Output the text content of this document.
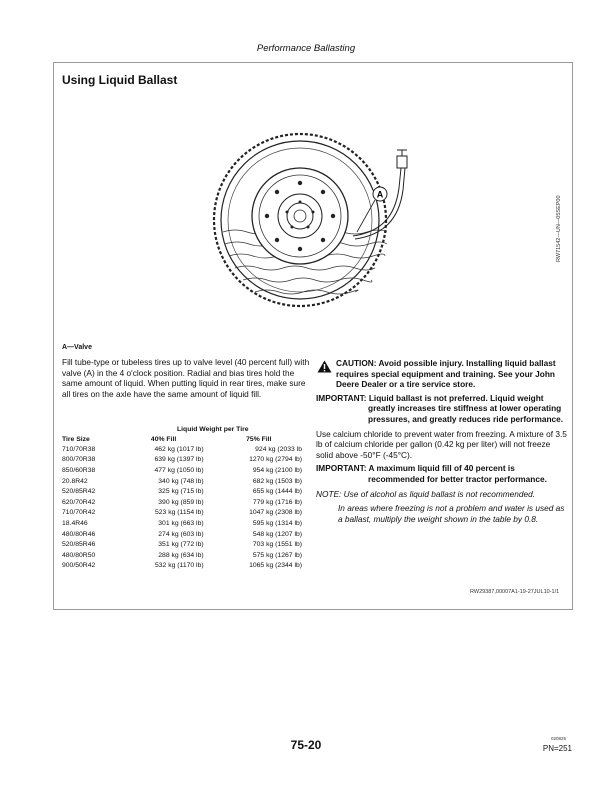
Performance Ballasting
Using Liquid Ballast
A
RW71542—UN—05SEP00
A—Valve
Fill tube-type or tubeless tires up to valve level (40 percent full) with valve (A) in the 4 o'clock position. Radial and bias tires hold the same amount of liquid. When putting liquid in rear tires, make sure all tires on the axle have the same amount of liquid fill.
	Liquid Weight per Tire	
Tire Size	40% Fill	75% Fill
710/70R38	462 kg (1017 lb)	924 kg (2033 lb
800/70R38	639 kg (1397 lb)	1270 kg (2794 lb)
850/60R38	477 kg (1050 lb)	954 kg (2100 lb)
20.8R42	340 kg (748 lb)	682 kg (1503 lb)
520/85R42	325 kg (715 lb)	655 kg (1444 lb)
620/70R42	390 kg (859 lb)	779 kg (1716 lb)
710/70R42	523 kg (1154 lb)	1047 kg (2308 lb)
18.4R46	301 kg (663 lb)	595 kg (1314 lb)
480/80R46	274 kg (603 lb)	548 kg (1207 lb)
520/85R46	351 kg (772 lb)	703 kg (1551 lb)
480/80R50	288 kg (634 lb)	575 kg (1267 lb)
900/50R42	532 kg (1170 lb)	1065 kg (2344 lb)
CAUTION: Avoid possible injury. Installing liquid ballast requires special equipment and training. See your John Deere Dealer or a tire service store.
IMPORTANT: Liquid ballast is not preferred. Liquid weight greatly increases tire stiffness at lower operating pressures, and greatly reduces ride performance.
Use calcium chloride to prevent water from freezing. A mixture of 3.5 lb of calcium chloride per gallon (0.42 kg per liter) will not freeze solid above -50°F (-45°C).
IMPORTANT: A maximum liquid fill of 40 percent is recommended for better tractor performance.
NOTE: Use of alcohol as liquid ballast is not recommended.
In areas where freezing is not a problem and water is used as a ballast, multiply the weight shown in the table by 0.8.
RW29387,00007A1-19-27JUL10-1/1
75-20	020825
PN=251
